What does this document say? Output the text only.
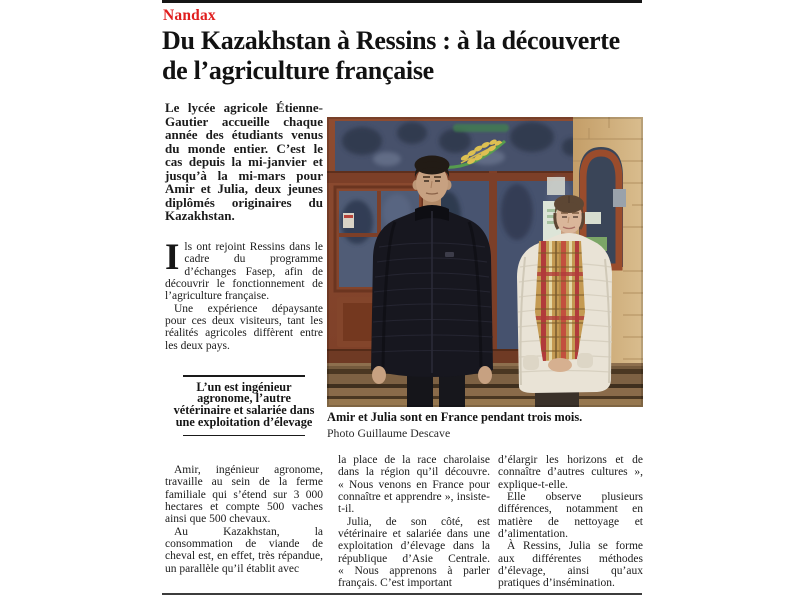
Nandax
Du Kazakhstan à Ressins : à la découverte de l’agriculture française
Le lycée agricole Étienne-Gautier accueille chaque année des étudiants venus du monde entier. C’est le cas depuis la mi-janvier et jusqu’à la mi-mars pour Amir et Julia, deux jeunes diplômés originaires du Kazakhstan.

Ils ont rejoint Ressins dans le cadre du programme d’échanges Fasep, afin de découvrir le fonctionnement de l’agriculture française.

Une expérience dépaysante pour ces deux visiteurs, tant les réalités agricoles diffèrent entre les deux pays.

L’un est ingénieur agronome, l’autre vétérinaire et salariée dans une exploitation d’élevage

Amir, ingénieur agronome, travaille au sein de la ferme familiale qui s’étend sur 3 000 hectares et compte 500 vaches ainsi que 500 chevaux.

Au Kazakhstan, la consommation de viande de cheval est, en effet, très répandue, un parallèle qu’il établit avec

Amir et Julia sont en France pendant trois mois.
Photo Guillaume Descave

la place de la race charolaise dans la région qu’il découvre. « Nous venons en France pour connaître et apprendre », insiste-t-il.

Julia, de son côté, est vétérinaire et salariée dans une exploitation d’élevage dans la république d’Asie Centrale. « Nous apprenons à parler français. C’est important

d’élargir les horizons et de connaître d’autres cultures », explique-t-elle.

Elle observe plusieurs différences, notamment en matière de nettoyage et d’alimentation.

À Ressins, Julia se forme aux différentes méthodes d’élevage, ainsi qu’aux pratiques d’insémination.
